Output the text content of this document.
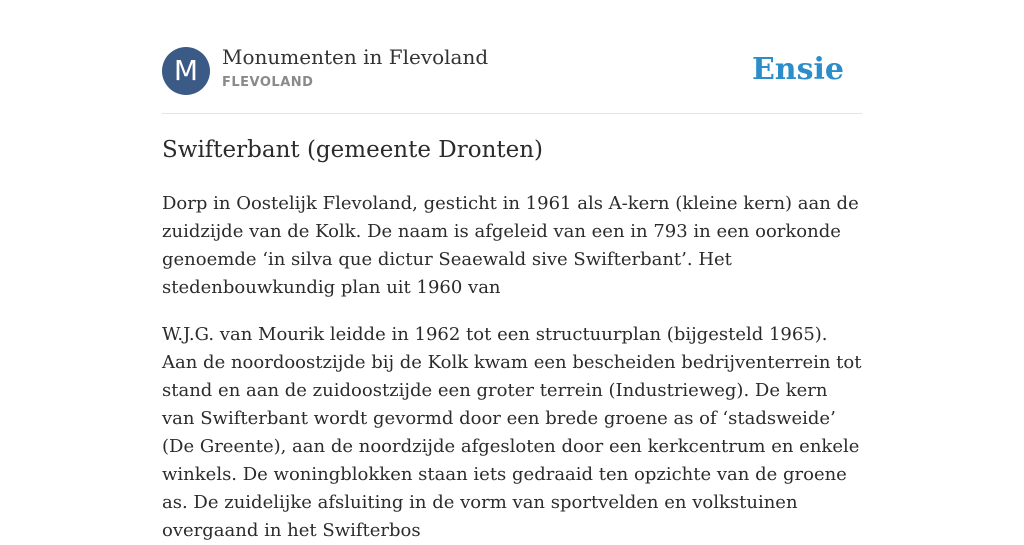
M	Monumenten in Flevoland
FLEVOLAND	Ensie
Swifterbant (gemeente Dronten)

Dorp in Oostelijk Flevoland, gesticht in 1961 als A-kern (kleine kern) aan de zuidzijde van de Kolk. De naam is afgeleid van een in 793 in een oorkonde genoemde ‘in silva que dictur Seaewald sive Swifterbant’. Het stedenbouwkundig plan uit 1960 van

W.J.G. van Mourik leidde in 1962 tot een structuurplan (bijgesteld 1965). Aan de noordoostzijde bij de Kolk kwam een bescheiden bedrijventerrein tot stand en aan de zuidoostzijde een groter terrein (Industrieweg). De kern van Swifterbant wordt gevormd door een brede groene as of ‘stadsweide’ (De Greente), aan de noordzijde afgesloten door een kerkcentrum en enkele winkels. De woningblokken staan iets gedraaid ten opzichte van de groene as. De zuidelijke afsluiting in de vorm van sportvelden en volkstuinen overgaand in het Swifterbos
